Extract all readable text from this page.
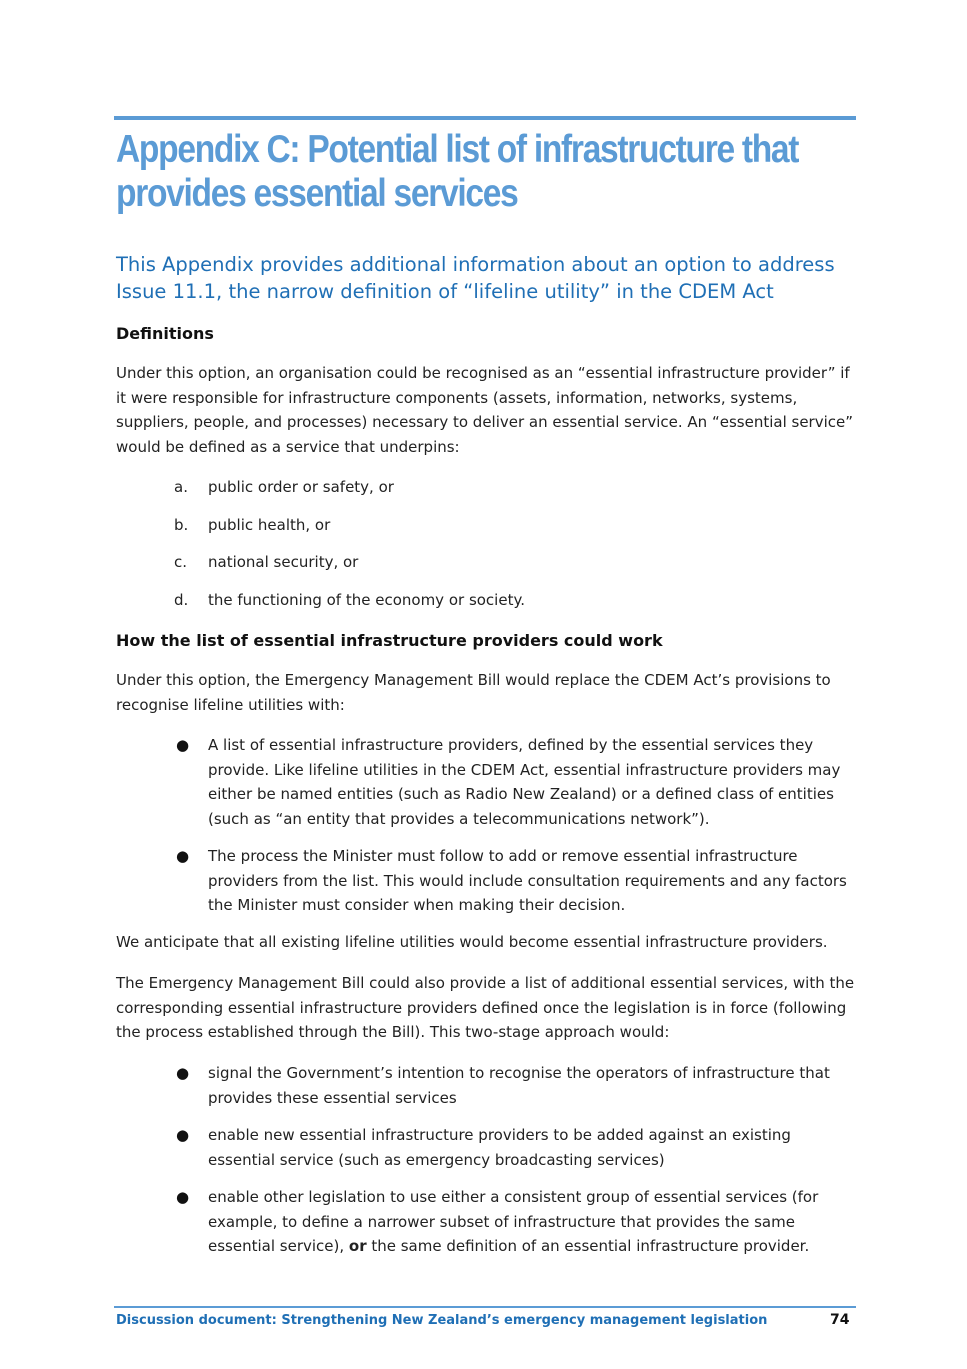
Appendix C: Potential list of infrastructure that provides essential services

This Appendix provides additional information about an option to address Issue 11.1, the narrow definition of “lifeline utility” in the CDEM Act

Definitions

Under this option, an organisation could be recognised as an “essential infrastructure provider” if it were responsible for infrastructure components (assets, information, networks, systems, suppliers, people, and processes) necessary to deliver an essential service. An “essential service” would be defined as a service that underpins:

a. public order or safety, or

b. public health, or

c. national security, or

d. the functioning of the economy or society.

How the list of essential infrastructure providers could work

Under this option, the Emergency Management Bill would replace the CDEM Act’s provisions to recognise lifeline utilities with:

● A list of essential infrastructure providers, defined by the essential services they provide. Like lifeline utilities in the CDEM Act, essential infrastructure providers may either be named entities (such as Radio New Zealand) or a defined class of entities (such as “an entity that provides a telecommunications network”).

● The process the Minister must follow to add or remove essential infrastructure providers from the list. This would include consultation requirements and any factors the Minister must consider when making their decision.

We anticipate that all existing lifeline utilities would become essential infrastructure providers.

The Emergency Management Bill could also provide a list of additional essential services, with the corresponding essential infrastructure providers defined once the legislation is in force (following the process established through the Bill). This two-stage approach would:

● signal the Government’s intention to recognise the operators of infrastructure that provides these essential services

● enable new essential infrastructure providers to be added against an existing essential service (such as emergency broadcasting services)

● enable other legislation to use either a consistent group of essential services (for example, to define a narrower subset of infrastructure that provides the same essential service), or the same definition of an essential infrastructure provider.

Discussion document: Strengthening New Zealand’s emergency management legislation	74
